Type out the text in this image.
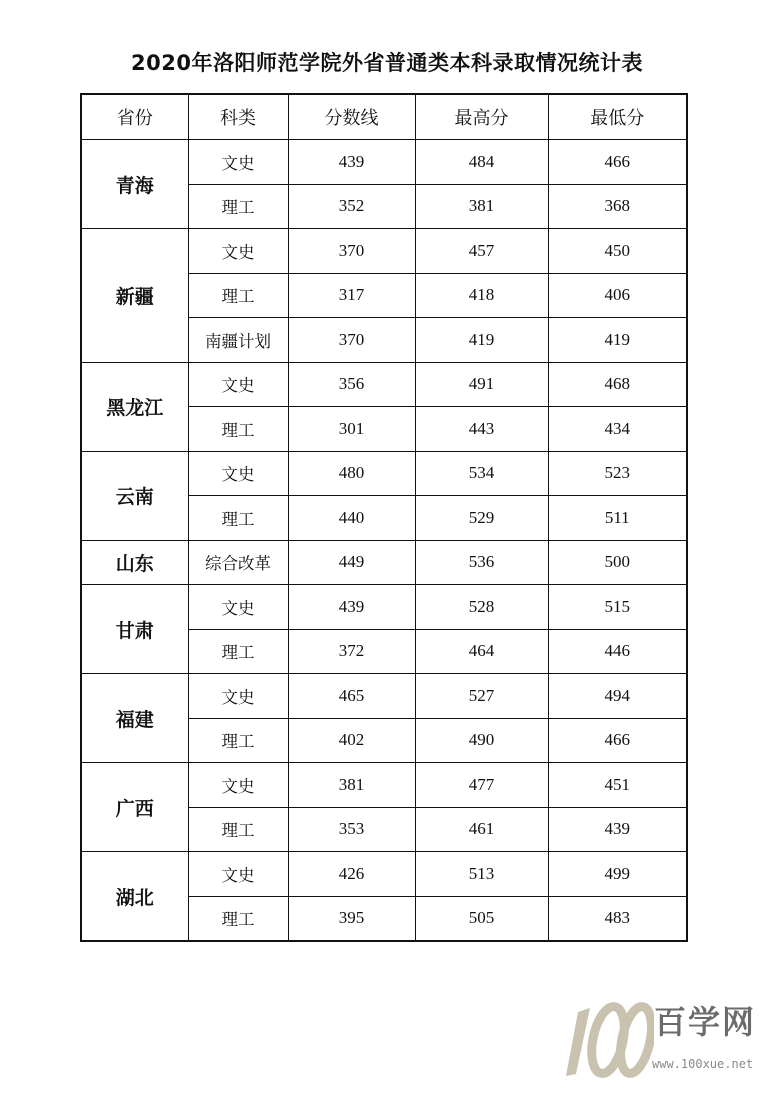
2020年洛阳师范学院外省普通类本科录取情况统计表
省份	科类	分数线	最高分	最低分
青海	文史	439	484	466
	理工	352	381	368
新疆	文史	370	457	450
	理工	317	418	406
	南疆计划	370	419	419
黑龙江	文史	356	491	468
	理工	301	443	434
云南	文史	480	534	523
	理工	440	529	511
山东	综合改革	449	536	500
甘肃	文史	439	528	515
	理工	372	464	446
福建	文史	465	527	494
	理工	402	490	466
广西	文史	381	477	451
	理工	353	461	439
湖北	文史	426	513	499
	理工	395	505	483
百学网
www.100xue.net
